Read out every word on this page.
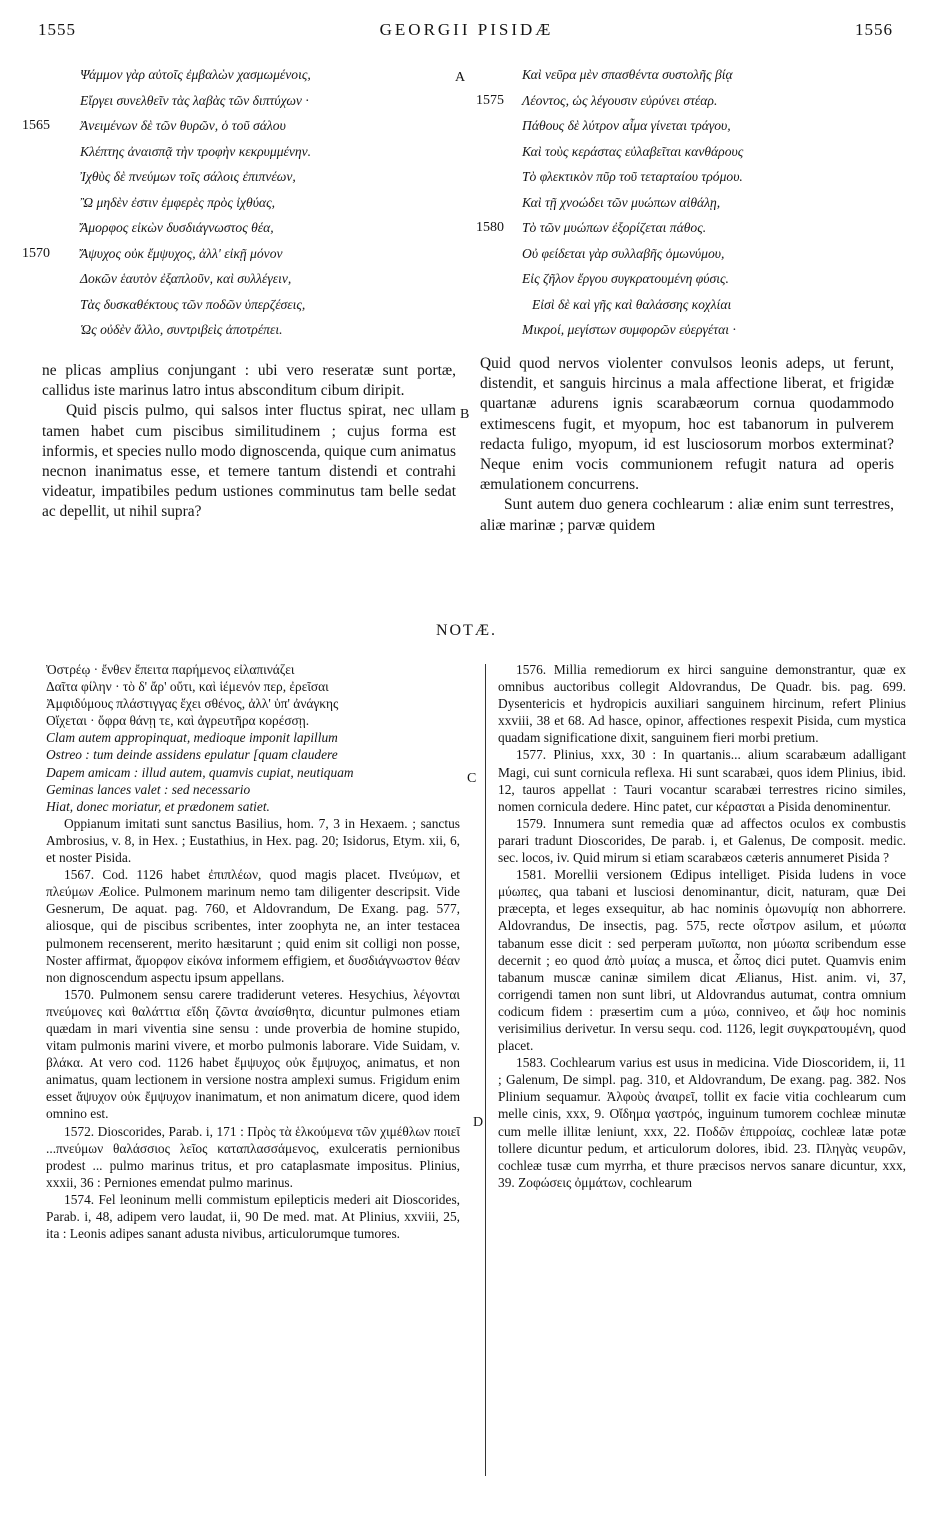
1555	GEORGII PISIDÆ	1556
Ψάμμον γὰρ αὐτοῖς ἐμβαλὼν χασμωμένοις,
Εἴργει συνελθεῖν τὰς λαβὰς τῶν διπτύχων ·
1565 Ἀνειμένων δὲ τῶν θυρῶν, ὁ τοῦ σάλου
Κλέπτης ἀναισπᾷ τὴν τροφὴν κεκρυμμένην.
Ἰχθὺς δὲ πνεύμων τοῖς σάλοις ἐπιπνέων,
Ὢ μηδὲν ἐστιν ἐμφερὲς πρὸς ἰχθύας,
Ἄμορφος εἰκὼν δυσδιάγνωστος θέα,
1570 Ἄψυχος οὐκ ἔμψυχος, ἀλλ' εἰκῇ μόνον
Δοκῶν ἑαυτὸν ἐξαπλοῦν, καὶ συλλέγειν,
Τὰς δυσκαθέκτους τῶν ποδῶν ὑπερζέσεις,
Ὡς οὐδὲν ἄλλο, συντριβεὶς ἀποτρέπει.
Καὶ νεῦρα μὲν σπασθέντα συστολῆς βίᾳ
1575 Λέοντος, ὡς λέγουσιν εὐρύνει στέαρ.
Πάθους δὲ λύτρον αἷμα γίνεται τράγου,
Καὶ τοὺς κεράστας εὐλαβεῖται κανθάρους
Τὸ φλεκτικὸν πῦρ τοῦ τεταρταίου τρόμου.
Καὶ τῇ χνοώδει τῶν μυώπων αἰθάλῃ,
1580 Τὸ τῶν μυώπων ἐξορίζεται πάθος.
Οὐ φείδεται γὰρ συλλαβῆς ὁμωνύμου,
Εἰς ζῆλον ἔργου συγκρατουμένη φύσις.
Εἰσὶ δὲ καὶ γῆς καὶ θαλάσσης κοχλίαι
Μικροί, μεγίστων συμφορῶν εὐεργέται ·
A
B
C
D

ne plicas amplius conjungant : ubi vero reseratæ sunt portæ, callidus iste marinus latro intus absconditum cibum diripit.

Quid piscis pulmo, qui salsos inter fluctus spirat, nec ullam tamen habet cum piscibus similitudinem ; cujus forma est informis, et species nullo modo dignoscenda, quique cum animatus necnon inanimatus esse, et temere tantum distendi et contrahi videatur, impatibiles pedum ustiones comminutus tam belle sedat ac depellit, ut nihil supra?

Quid quod nervos violenter convulsos leonis adeps, ut ferunt, distendit, et sanguis hircinus a mala affectione liberat, et frigidæ quartanæ adurens ignis scarabæorum cornua quodammodo extimescens fugit, et myopum, hoc est tabanorum in pulverem redacta fuligo, myopum, id est lusciosorum morbos exterminat? Neque enim vocis communionem refugit natura ad operis æmulationem concurrens.

Sunt autem duo genera cochlearum : aliæ enim sunt terrestres, aliæ marinæ ; parvæ quidem

NOTÆ.

Ὀστρέῳ · ἔνθεν ἔπειτα παρήμενος εἰλαπινάζει

Δαῖτα φίλην · τὸ δ' ἄρ' οὔτι, καὶ ἱέμενόν περ, ἐρεῖσαι

Ἀμφιδύμους πλάστιγγας ἔχει σθένος, ἀλλ' ὑπ' ἀνάγκης

Οἴχεται · ὄφρα θάνῃ τε, καὶ ἀγρευτῆρα κορέσσῃ.

Clam autem appropinquat, medioque imponit lapillum

Ostreo : tum deinde assidens epulatur [quam claudere

Dapem amicam : illud autem, quamvis cupiat, neutiquam

Geminas lances valet : sed necessario

Hiat, donec moriatur, et prædonem satiet.

Oppianum imitati sunt sanctus Basilius, hom. 7, 3 in Hexaem. ; sanctus Ambrosius, v. 8, in Hex. ; Eustathius, in Hex. pag. 20; Isidorus, Etym. xii, 6, et noster Pisida.

1567. Cod. 1126 habet ἐπιπλέων, quod magis placet. Πνεύμων, et πλεύμων Æolice. Pulmonem marinum nemo tam diligenter descripsit. Vide Gesnerum, De aquat. pag. 760, et Aldovrandum, De Exang. pag. 577, aliosque, qui de piscibus scribentes, inter zoophyta ne, an inter testacea pulmonem recenserent, merito hæsitarunt ; quid enim sit colligi non posse, Noster affirmat, ἄμορφον εἰκόνα informem effigiem, et δυσδιάγνωστον θέαν non dignoscendum aspectu ipsum appellans.

1570. Pulmonem sensu carere tradiderunt veteres. Hesychius, λέγονται πνεύμονες καὶ θαλάττια εἴδη ζῶντα ἀναίσθητα, dicuntur pulmones etiam quædam in mari viventia sine sensu : unde proverbia de homine stupido, vitam pulmonis marini vivere, et morbo pulmonis laborare. Vide Suidam, v. βλάκα. At vero cod. 1126 habet ἔμψυχος οὐκ ἔμψυχος, animatus, et non animatus, quam lectionem in versione nostra amplexi sumus. Frigidum enim esset ἄψυχον οὐκ ἔμψυχον inanimatum, et non animatum dicere, quod idem omnino est.

1572. Dioscorides, Parab. i, 171 : Πρὸς τὰ ἑλκούμενα τῶν χιμέθλων ποιεῖ ...πνεύμων θαλάσσιος λεῖος καταπλασσάμενος, exulceratis pernionibus prodest ... pulmo marinus tritus, et pro cataplasmate impositus. Plinius, xxxii, 36 : Perniones emendat pulmo marinus.

1574. Fel leoninum melli commistum epilepticis mederi ait Dioscorides, Parab. i, 48, adipem vero laudat, ii, 90 De med. mat. At Plinius, xxviii, 25, ita : Leonis adipes sanant adusta nivibus, articulorumque tumores.

1576. Millia remediorum ex hirci sanguine demonstrantur, quæ ex omnibus auctoribus collegit Aldovrandus, De Quadr. bis. pag. 699. Dysentericis et hydropicis auxiliari sanguinem hircinum, refert Plinius xxviii, 38 et 68. Ad hasce, opinor, affectiones respexit Pisida, cum mystica quadam significatione dixit, sanguinem fieri morbi pretium.

1577. Plinius, xxx, 30 : In quartanis... alium scarabæum adalligant Magi, cui sunt cornicula reflexa. Hi sunt scarabæi, quos idem Plinius, ibid. 12, tauros appellat : Tauri vocantur scarabæi terrestres ricino similes, nomen cornicula dedere. Hinc patet, cur κέρασται a Pisida denominentur.

1579. Innumera sunt remedia quæ ad affectos oculos ex combustis parari tradunt Dioscorides, De parab. i, et Galenus, De composit. medic. sec. locos, iv. Quid mirum si etiam scarabæos cæteris annumeret Pisida ?

1581. Morellii versionem Œdipus intelliget. Pisida ludens in voce μύωπες, qua tabani et lusciosi denominantur, dicit, naturam, quæ Dei præcepta, et leges exsequitur, ab hac nominis ὁμωνυμίᾳ non abhorrere. Aldovrandus, De insectis, pag. 575, recte οἶστρον asilum, et μύωπα tabanum esse dicit : sed perperam μυῖωπα, non μύωπα scribendum esse decernit ; eo quod ἀπὸ μυίας a musca, et ὦπος dici putet. Quamvis enim tabanum muscæ caninæ similem dicat Ælianus, Hist. anim. vi, 37, corrigendi tamen non sunt libri, ut Aldovrandus autumat, contra omnium codicum fidem : præsertim cum a μύω, conniveo, et ὤψ hoc nominis verisimilius derivetur. In versu sequ. cod. 1126, legit συγκρατουμένη, quod placet.

1583. Cochlearum varius est usus in medicina. Vide Dioscoridem, ii, 11 ; Galenum, De simpl. pag. 310, et Aldovrandum, De exang. pag. 382. Nos Plinium sequamur. Ἀλφοὺς ἀναιρεῖ, tollit ex facie vitia cochlearum cum melle cinis, xxx, 9. Οἴδημα γαστρός, inguinum tumorem cochleæ minutæ cum melle illitæ leniunt, xxx, 22. Ποδῶν ἐπιρροίας, cochleæ latæ potæ tollere dicuntur pedum, et articulorum dolores, ibid. 23. Πληγὰς νευρῶν, cochleæ tusæ cum myrrha, et thure præcisos nervos sanare dicuntur, xxx, 39. Ζοφώσεις ὀμμάτων, cochlearum
